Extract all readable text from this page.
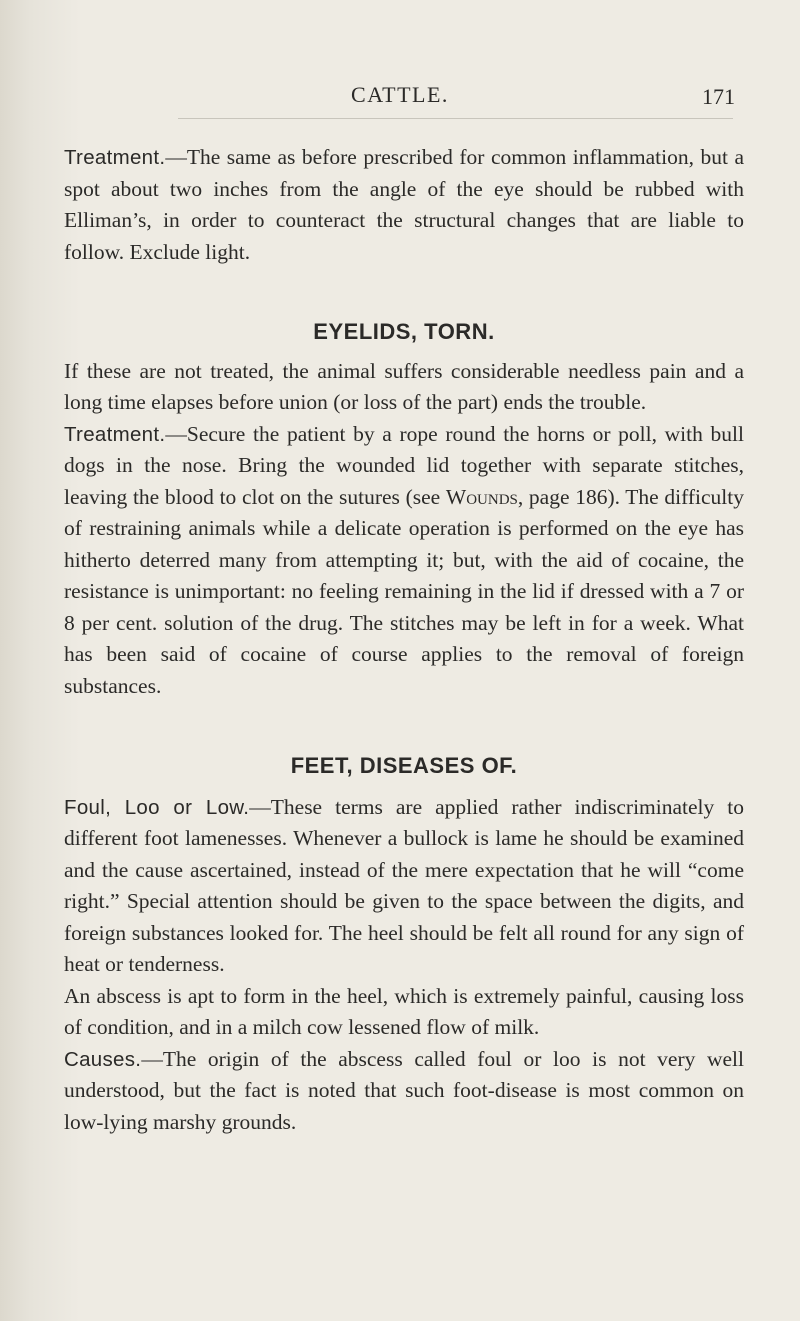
CATTLE.	171

Treatment.—The same as before prescribed for common inflammation, but a spot about two inches from the angle of the eye should be rubbed with Elliman’s, in order to counteract the structural changes that are liable to follow. Exclude light.

EYELIDS, TORN.

If these are not treated, the animal suffers considerable needless pain and a long time elapses before union (or loss of the part) ends the trouble.

Treatment.—Secure the patient by a rope round the horns or poll, with bull dogs in the nose. Bring the wounded lid together with separate stitches, leaving the blood to clot on the sutures (see Wounds, page 186). The difficulty of restraining animals while a delicate operation is performed on the eye has hitherto deterred many from attempting it; but, with the aid of cocaine, the resistance is unimportant: no feeling remaining in the lid if dressed with a 7 or 8 per cent. solution of the drug. The stitches may be left in for a week. What has been said of cocaine of course applies to the removal of foreign substances.

FEET, DISEASES OF.

Foul, Loo or Low.—These terms are applied rather indiscriminately to different foot lamenesses. Whenever a bullock is lame he should be examined and the cause ascertained, instead of the mere expectation that he will “come right.” Special attention should be given to the space between the digits, and foreign substances looked for. The heel should be felt all round for any sign of heat or tenderness.

An abscess is apt to form in the heel, which is extremely painful, causing loss of condition, and in a milch cow lessened flow of milk.

Causes.—The origin of the abscess called foul or loo is not very well understood, but the fact is noted that such foot-disease is most common on low-lying marshy grounds.
